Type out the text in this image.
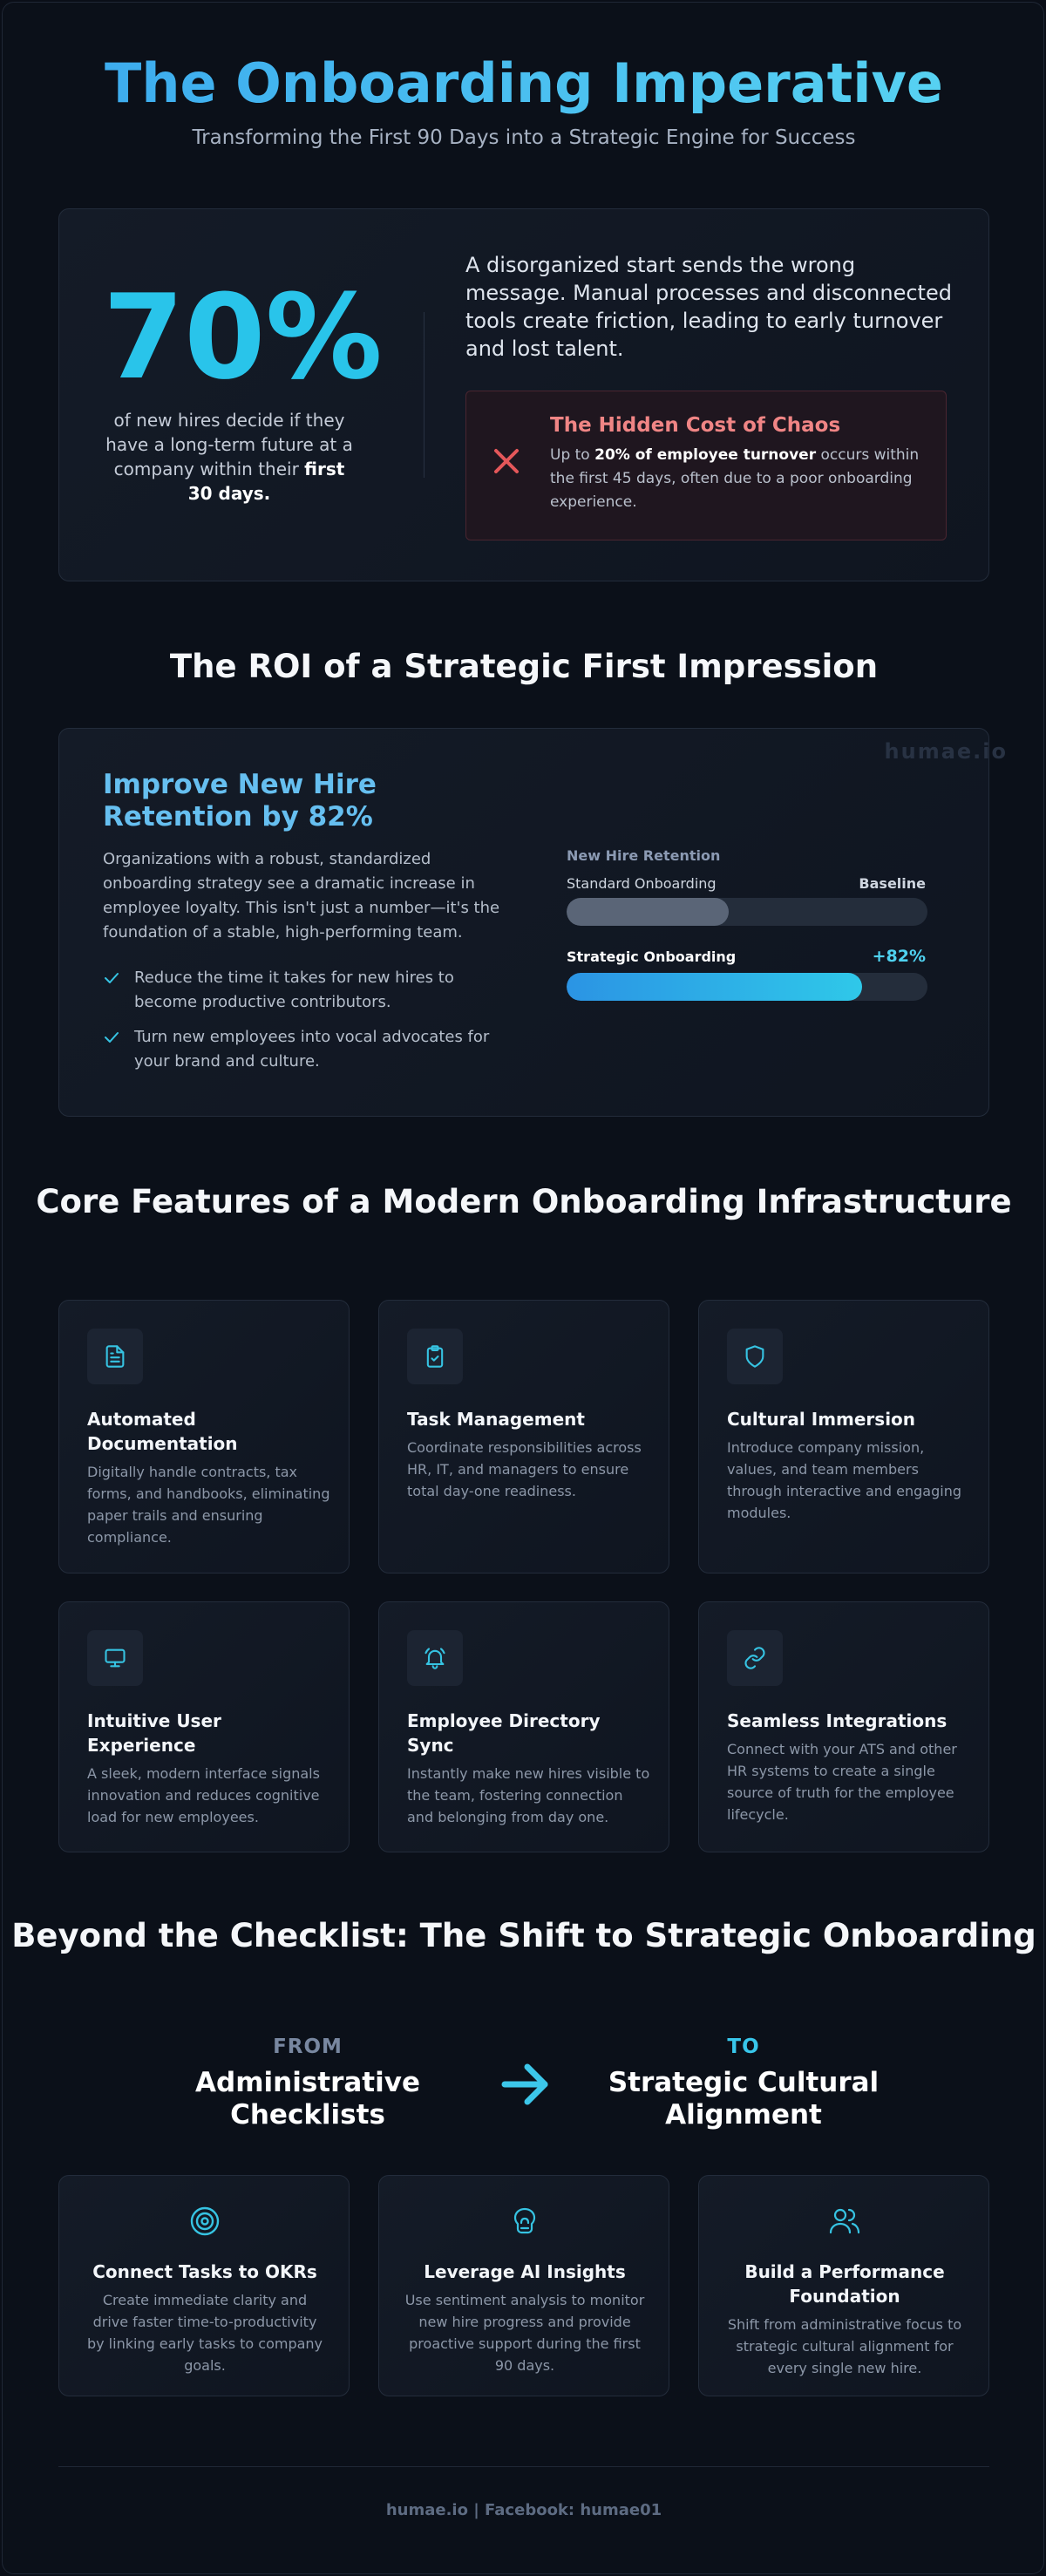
The Onboarding Imperative
Transforming the First 90 Days into a Strategic Engine for Success
70%
of new hires decide if they have a long-term future at a company within their first 30 days.
A disorganized start sends the wrong message. Manual processes and disconnected tools create friction, leading to early turnover and lost talent.
The Hidden Cost of Chaos
Up to 20% of employee turnover occurs within the first 45 days, often due to a poor onboarding experience.
The ROI of a Strategic First Impression
humae.io
Improve New Hire Retention by 82%
Organizations with a robust, standardized onboarding strategy see a dramatic increase in employee loyalty. This isn't just a number—it's the foundation of a stable, high-performing team.
Reduce the time it takes for new hires to become productive contributors.
Turn new employees into vocal advocates for your brand and culture.
New Hire Retention
Standard Onboarding	Baseline
Strategic Onboarding	+82%
Core Features of a Modern Onboarding Infrastructure
Automated Documentation
Digitally handle contracts, tax forms, and handbooks, eliminating paper trails and ensuring compliance.
Task Management
Coordinate responsibilities across HR, IT, and managers to ensure total day-one readiness.
Cultural Immersion
Introduce company mission, values, and team members through interactive and engaging modules.
Intuitive User Experience
A sleek, modern interface signals innovation and reduces cognitive load for new employees.
Employee Directory Sync
Instantly make new hires visible to the team, fostering connection and belonging from day one.
Seamless Integrations
Connect with your ATS and other HR systems to create a single source of truth for the employee lifecycle.
Beyond the Checklist: The Shift to Strategic Onboarding
FROM
Administrative Checklists
TO
Strategic Cultural Alignment
Connect Tasks to OKRs
Create immediate clarity and drive faster time-to-productivity by linking early tasks to company goals.
Leverage AI Insights
Use sentiment analysis to monitor new hire progress and provide proactive support during the first 90 days.
Build a Performance Foundation
Shift from administrative focus to strategic cultural alignment for every single new hire.
humae.io | Facebook: humae01
